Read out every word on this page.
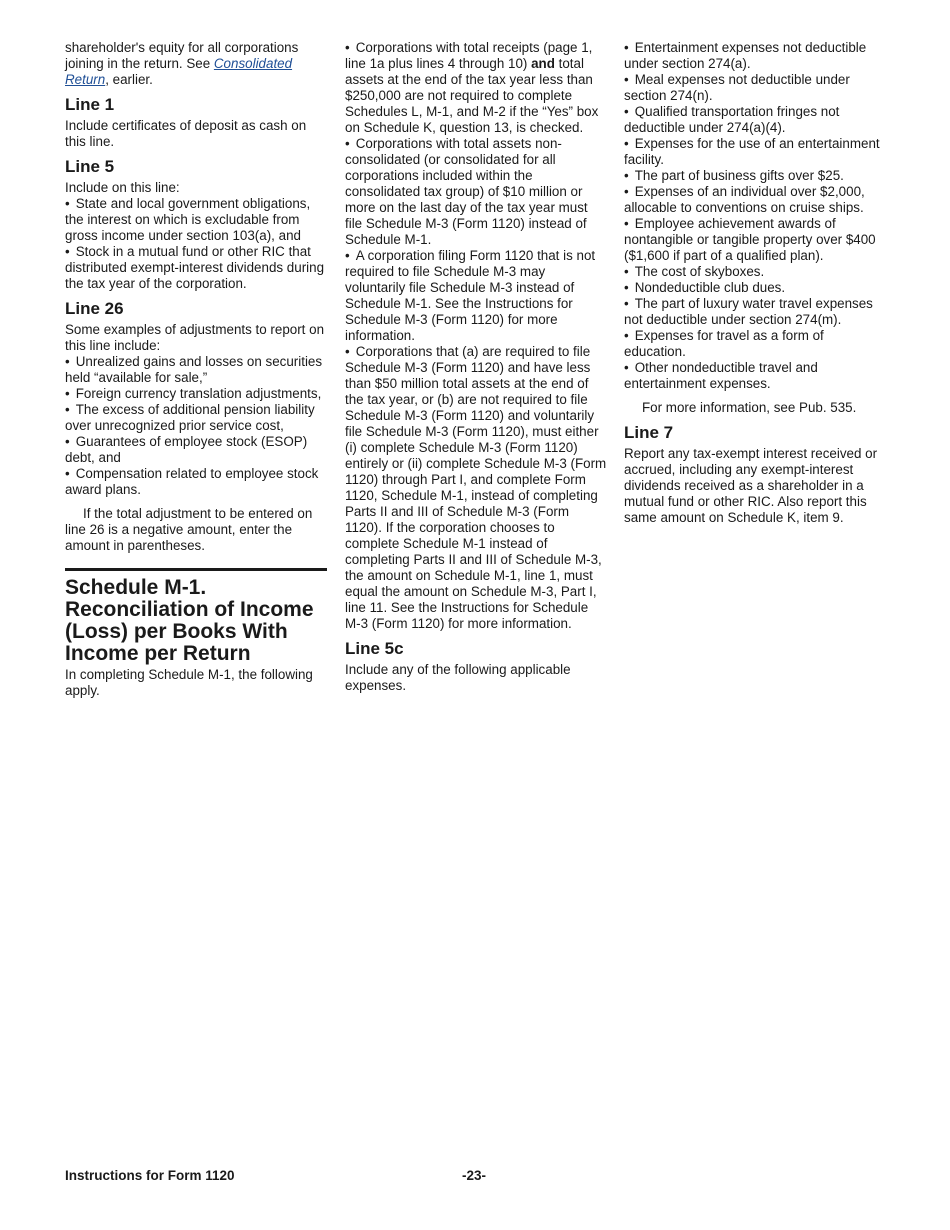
shareholder's equity for all corporations joining in the return. See Consolidated Return, earlier.

Line 1

Include certificates of deposit as cash on this line.

Line 5

Include on this line:

• State and local government obligations, the interest on which is excludable from gross income under section 103(a), and

• Stock in a mutual fund or other RIC that distributed exempt-interest dividends during the tax year of the corporation.

Line 26

Some examples of adjustments to report on this line include:

• Unrealized gains and losses on securities held “available for sale,”

• Foreign currency translation adjustments,

• The excess of additional pension liability over unrecognized prior service cost,

• Guarantees of employee stock (ESOP) debt, and

• Compensation related to employee stock award plans.

If the total adjustment to be entered on line 26 is a negative amount, enter the amount in parentheses.

Schedule M-1. Reconciliation of Income (Loss) per Books With Income per Return

In completing Schedule M-1, the following apply.

• Corporations with total receipts (page 1, line 1a plus lines 4 through 10) and total assets at the end of the tax year less than $250,000 are not required to complete Schedules L, M-1, and M-2 if the “Yes” box on Schedule K, question 13, is checked.

• Corporations with total assets non-consolidated (or consolidated for all corporations included within the consolidated tax group) of $10 million or more on the last day of the tax year must file Schedule M-3 (Form 1120) instead of Schedule M-1.

• A corporation filing Form 1120 that is not required to file Schedule M-3 may voluntarily file Schedule M-3 instead of Schedule M-1. See the Instructions for Schedule M-3 (Form 1120) for more information.

• Corporations that (a) are required to file Schedule M-3 (Form 1120) and have less than $50 million total assets at the end of the tax year, or (b) are not required to file Schedule M-3 (Form 1120) and voluntarily file Schedule M-3 (Form 1120), must either (i) complete Schedule M-3 (Form 1120) entirely or (ii) complete Schedule M-3 (Form 1120) through Part I, and complete Form 1120, Schedule M-1, instead of completing Parts II and III of Schedule M-3 (Form 1120). If the corporation chooses to complete Schedule M-1 instead of completing Parts II and III of Schedule M-3, the amount on Schedule M-1, line 1, must equal the amount on Schedule M-3, Part I, line 11. See the Instructions for Schedule M-3 (Form 1120) for more information.

Line 5c

Include any of the following applicable expenses.

• Entertainment expenses not deductible under section 274(a).

• Meal expenses not deductible under section 274(n).

• Qualified transportation fringes not deductible under 274(a)(4).

• Expenses for the use of an entertainment facility.

• The part of business gifts over $25.

• Expenses of an individual over $2,000, allocable to conventions on cruise ships.

• Employee achievement awards of nontangible or tangible property over $400 ($1,600 if part of a qualified plan).

• The cost of skyboxes.

• Nondeductible club dues.

• The part of luxury water travel expenses not deductible under section 274(m).

• Expenses for travel as a form of education.

• Other nondeductible travel and entertainment expenses.

For more information, see Pub. 535.

Line 7

Report any tax-exempt interest received or accrued, including any exempt-interest dividends received as a shareholder in a mutual fund or other RIC. Also report this same amount on Schedule K, item 9.

Instructions for Form 1120	-23-
